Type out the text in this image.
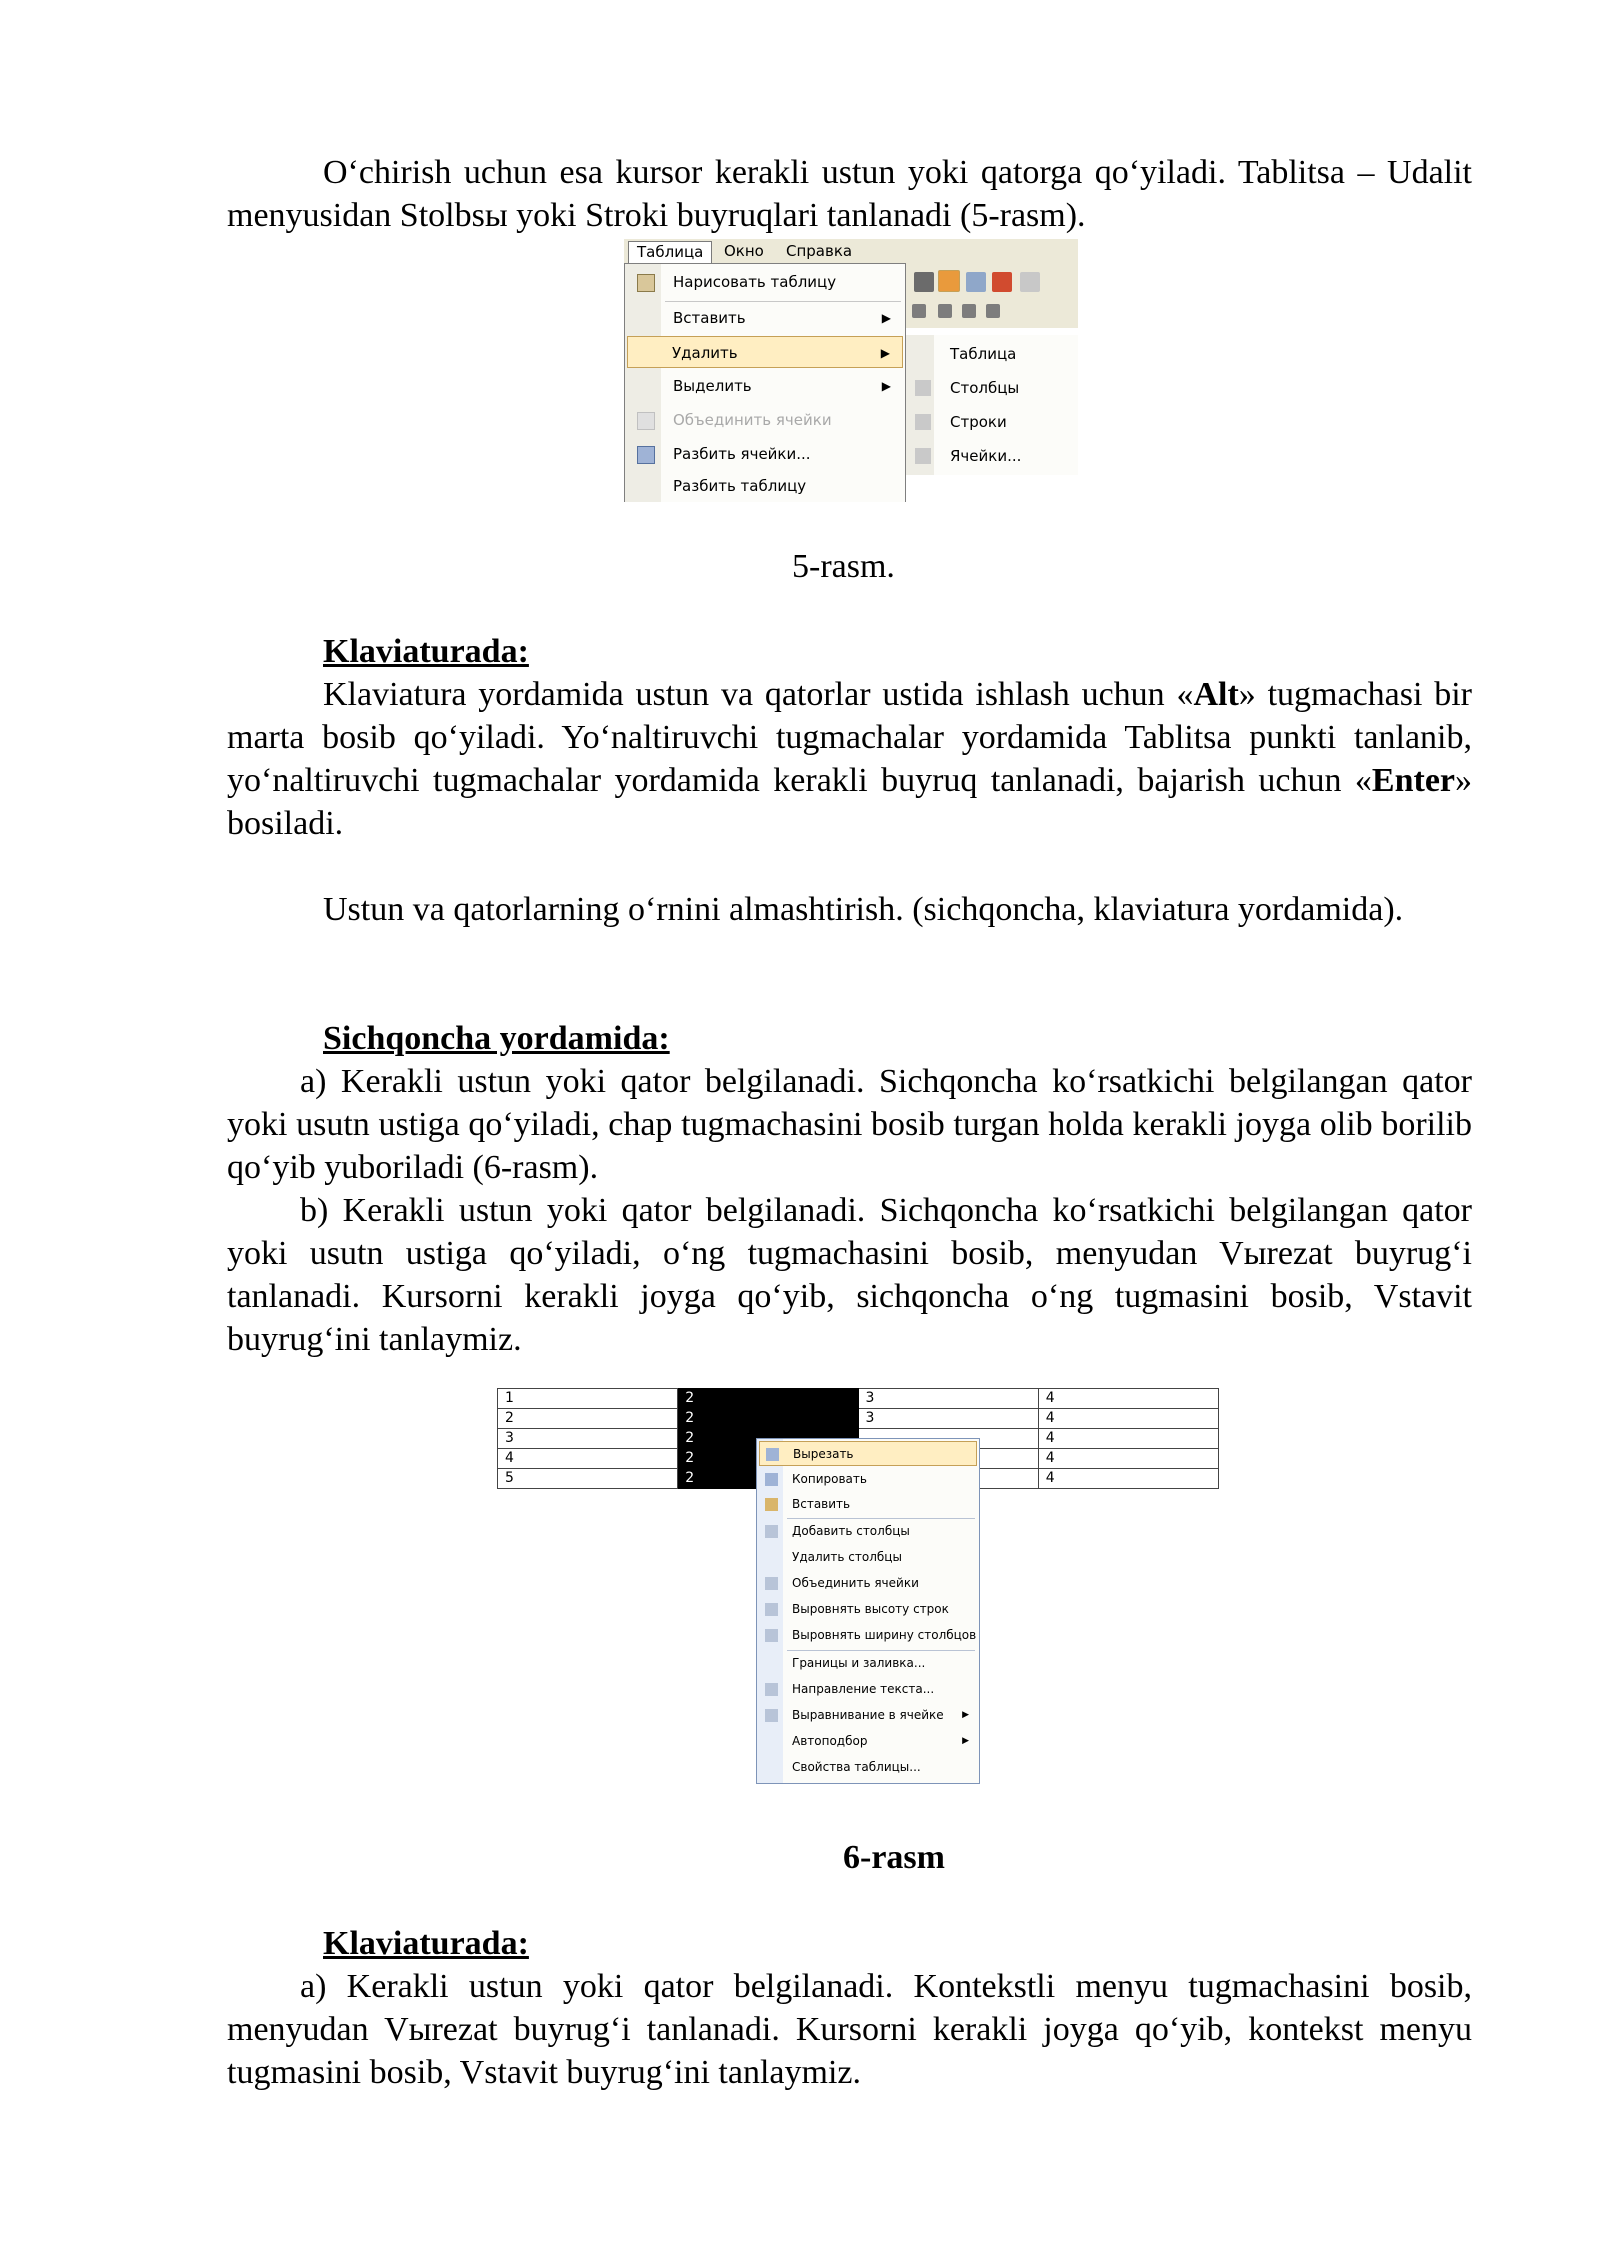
O‘chirish uchun esa kursor kerakli ustun yoki qatorga qo‘yiladi. Tablitsa – Udalit menyusidan Stolbsы yoki Stroki buyruqlari tanlanadi (5-rasm).
Таблица	Окно	Справка
Нарисовать таблицу
Вставить	▶
Удалить	▶
Выделить	▶
Объединить ячейки
Разбить ячейки...
Разбить таблицу
Таблица
Столбцы
Строки
Ячейки...
5-rasm.
Klaviaturada:
Klaviatura yordamida ustun va qatorlar ustida ishlash uchun «Alt» tugmachasi bir marta bosib qo‘yiladi. Yo‘naltiruvchi tugmachalar yordamida Tablitsa punkti tanlanib, yo‘naltiruvchi tugmachalar yordamida kerakli buyruq tanlanadi, bajarish uchun «Enter» bosiladi.
Ustun va qatorlarning o‘rnini almashtirish. (sichqoncha, klaviatura yordamida).
Sichqoncha yordamida:
a) Kerakli ustun yoki qator belgilanadi. Sichqoncha ko‘rsatkichi belgilangan qator yoki usutn ustiga qo‘yiladi, chap tugmachasini bosib turgan holda kerakli joyga olib borilib qo‘yib yuboriladi (6-rasm).
b) Kerakli ustun yoki qator belgilanadi. Sichqoncha ko‘rsatkichi belgilangan qator yoki usutn ustiga qo‘yiladi, o‘ng tugmachasini bosib, menyudan Vыrezat buyrug‘i tanlanadi. Kursorni kerakli joyga qo‘yib, sichqoncha o‘ng tugmasini bosib, Vstavit buyrug‘ini tanlaymiz.
1	2	3	4
2	2	3	4
3	2		4
4	2		4
5	2		4
Вырезать
Копировать
Вставить
Добавить столбцы
Удалить столбцы
Объединить ячейки
Выровнять высоту строк
Выровнять ширину столбцов
Границы и заливка...
Направление текста...
Выравнивание в ячейке ▶
Автоподбор	▶
Свойства таблицы...
6-rasm
Klaviaturada:
a) Kerakli ustun yoki qator belgilanadi. Kontekstli menyu tugmachasini bosib, menyudan Vыrezat buyrug‘i tanlanadi. Kursorni kerakli joyga qo‘yib, kontekst menyu tugmasini bosib, Vstavit buyrug‘ini tanlaymiz.
